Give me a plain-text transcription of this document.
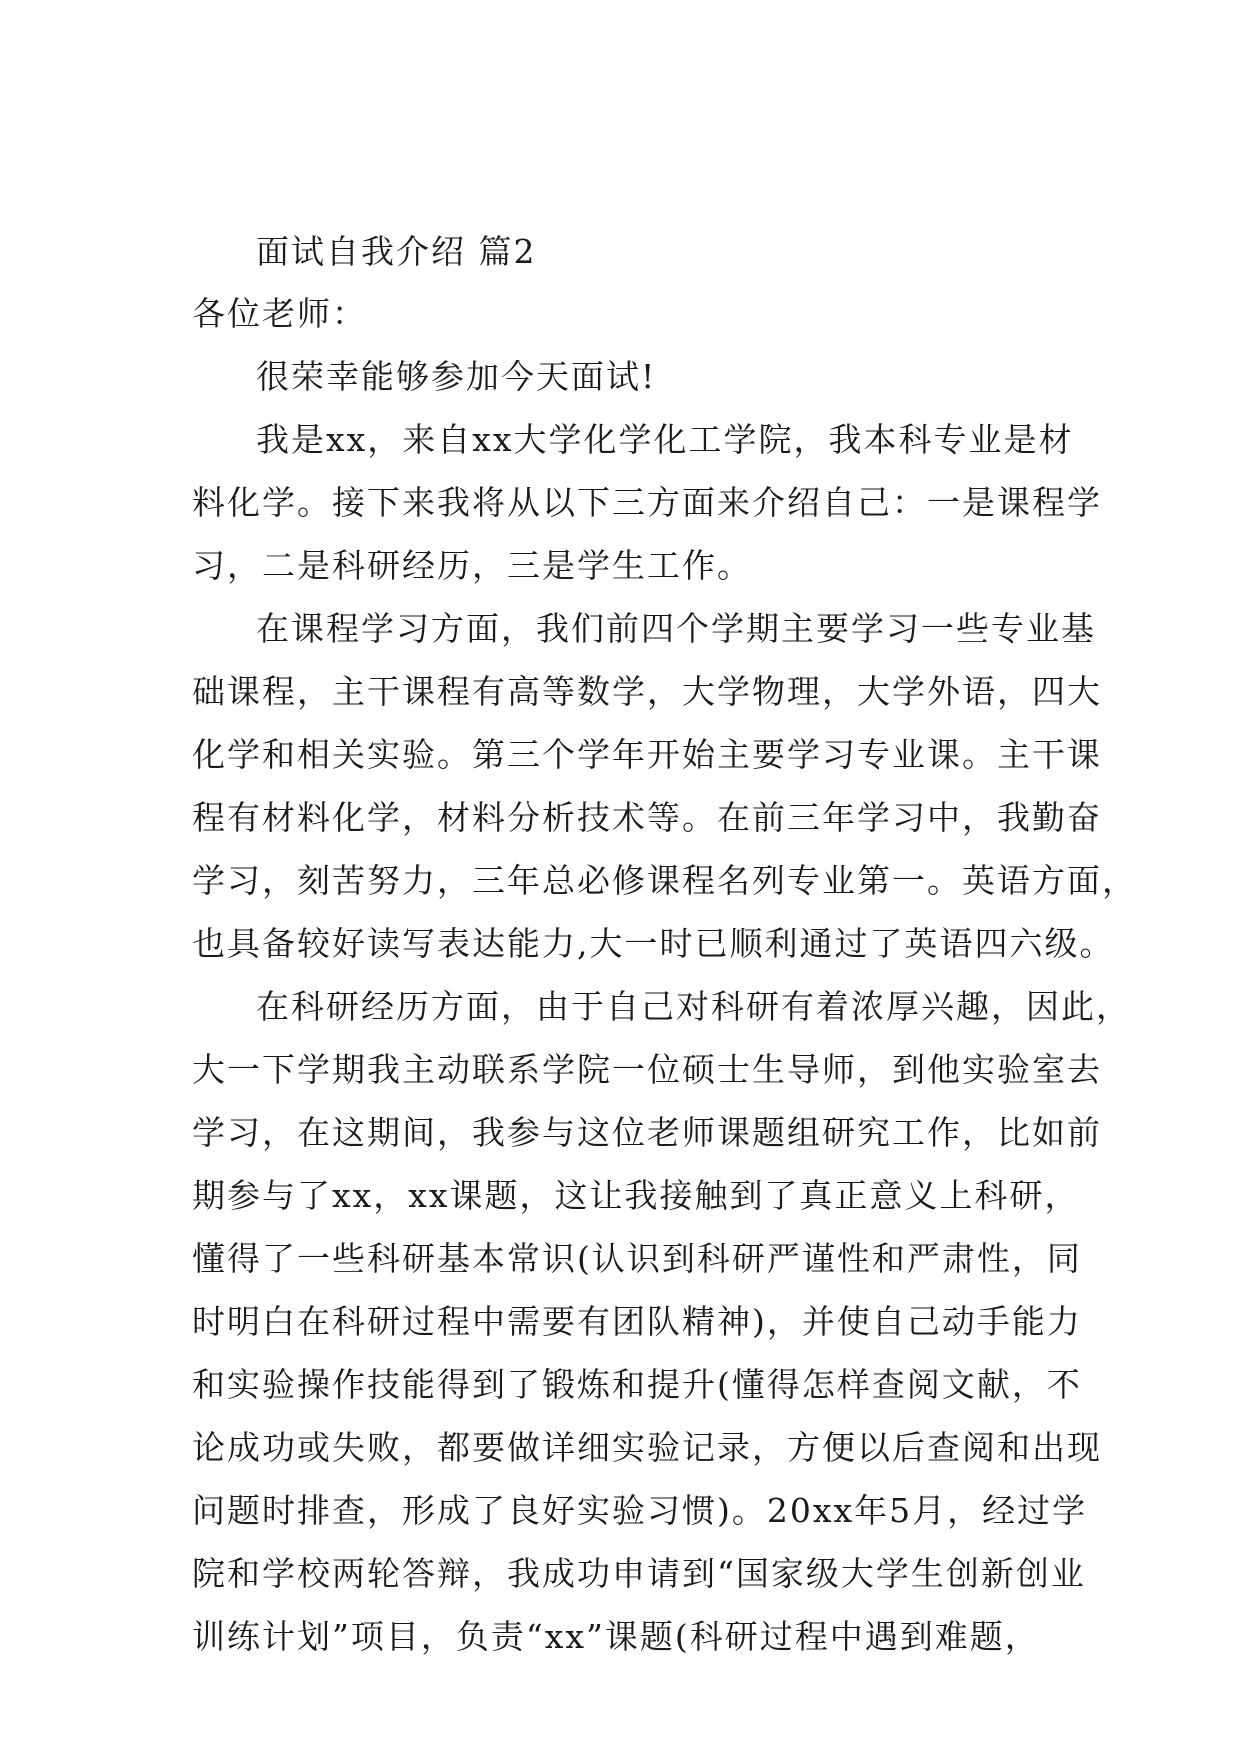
面试自我介绍 篇2
各位老师：
很荣幸能够参加今天面试!
我是xx，来自xx大学化学化工学院，我本科专业是材
料化学。接下来我将从以下三方面来介绍自己：一是课程学
习，二是科研经历，三是学生工作。
在课程学习方面，我们前四个学期主要学习一些专业基
础课程，主干课程有高等数学，大学物理，大学外语，四大
化学和相关实验。第三个学年开始主要学习专业课。主干课
程有材料化学，材料分析技术等。在前三年学习中，我勤奋
学习，刻苦努力，三年总必修课程名列专业第一。英语方面，
也具备较好读写表达能力,大一时已顺利通过了英语四六级。
在科研经历方面，由于自己对科研有着浓厚兴趣，因此，
大一下学期我主动联系学院一位硕士生导师，到他实验室去
学习，在这期间，我参与这位老师课题组研究工作，比如前
期参与了xx，xx课题，这让我接触到了真正意义上科研，
懂得了一些科研基本常识(认识到科研严谨性和严肃性，同
时明白在科研过程中需要有团队精神)，并使自己动手能力
和实验操作技能得到了锻炼和提升(懂得怎样查阅文献，不
论成功或失败，都要做详细实验记录，方便以后查阅和出现
问题时排查，形成了良好实验习惯)。20xx年5月，经过学
院和学校两轮答辩，我成功申请到“国家级大学生创新创业
训练计划”项目，负责“xx”课题(科研过程中遇到难题，
